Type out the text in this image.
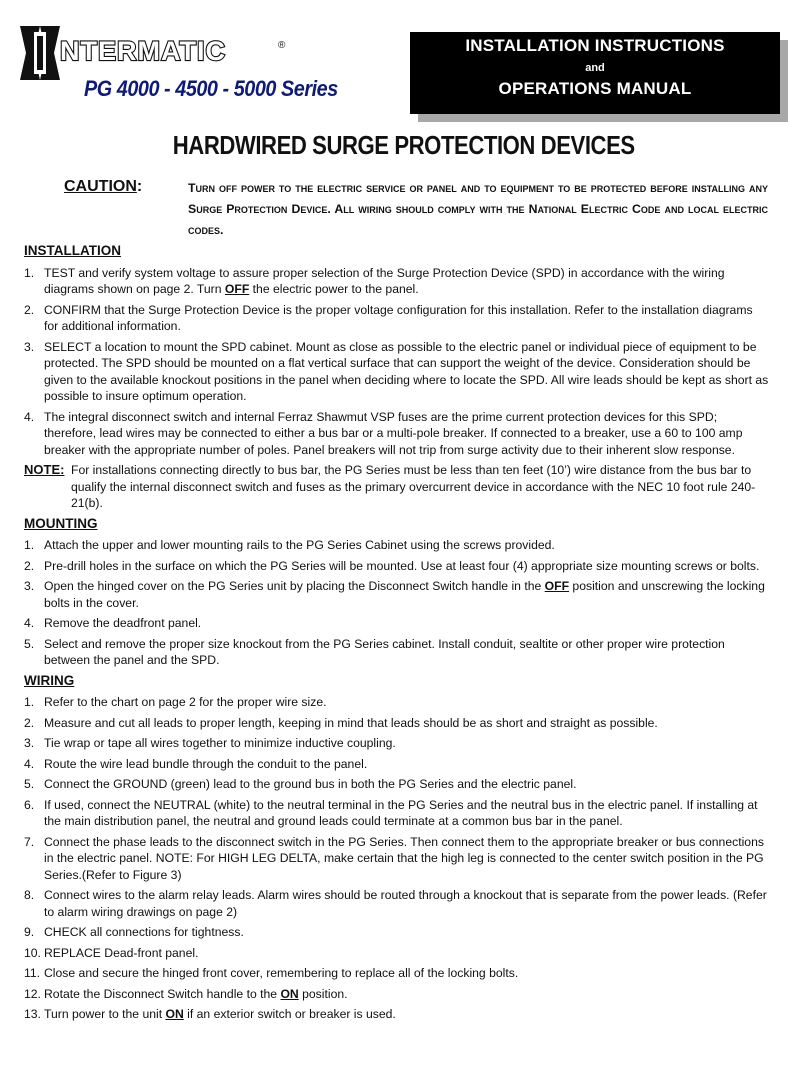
NTERMATIC	®
PG 4000 - 4500 - 5000 Series
INSTALLATION INSTRUCTIONS
and
OPERATIONS MANUAL
HARDWIRED SURGE PROTECTION DEVICES
CAUTION:	Turn off power to the electric service or panel and to equipment to be protected before installing any Surge Protection Device. All wiring should comply with the National Electric Code and local electric codes.
INSTALLATION
1. TEST and verify system voltage to assure proper selection of the Surge Protection Device (SPD) in accordance with the wiring diagrams shown on page 2. Turn OFF the electric power to the panel.
2. CONFIRM that the Surge Protection Device is the proper voltage configuration for this installation. Refer to the installation diagrams for additional information.
3. SELECT a location to mount the SPD cabinet. Mount as close as possible to the electric panel or individual piece of equipment to be protected. The SPD should be mounted on a flat vertical surface that can support the weight of the device. Consideration should be given to the available knockout positions in the panel when deciding where to locate the SPD. All wire leads should be kept as short as possible to insure optimum operation.
4. The integral disconnect switch and internal Ferraz Shawmut VSP fuses are the prime current protection devices for this SPD; therefore, lead wires may be connected to either a bus bar or a multi-pole breaker. If connected to a breaker, use a 60 to 100 amp breaker with the appropriate number of poles. Panel breakers will not trip from surge activity due to their inherent slow response.
NOTE: For installations connecting directly to bus bar, the PG Series must be less than ten feet (10’) wire distance from the bus bar to qualify the internal disconnect switch and fuses as the primary overcurrent device in accordance with the NEC 10 foot rule 240-21(b).
MOUNTING
1. Attach the upper and lower mounting rails to the PG Series Cabinet using the screws provided.
2. Pre-drill holes in the surface on which the PG Series will be mounted. Use at least four (4) appropriate size mounting screws or bolts.
3. Open the hinged cover on the PG Series unit by placing the Disconnect Switch handle in the OFF position and unscrewing the locking bolts in the cover.
4. Remove the deadfront panel.
5. Select and remove the proper size knockout from the PG Series cabinet. Install conduit, sealtite or other proper wire protection between the panel and the SPD.
WIRING
1. Refer to the chart on page 2 for the proper wire size.
2. Measure and cut all leads to proper length, keeping in mind that leads should be as short and straight as possible.
3. Tie wrap or tape all wires together to minimize inductive coupling.
4. Route the wire lead bundle through the conduit to the panel.
5. Connect the GROUND (green) lead to the ground bus in both the PG Series and the electric panel.
6. If used, connect the NEUTRAL (white) to the neutral terminal in the PG Series and the neutral bus in the electric panel. If installing at the main distribution panel, the neutral and ground leads could terminate at a common bus bar in the panel.
7. Connect the phase leads to the disconnect switch in the PG Series. Then connect them to the appropriate breaker or bus connections in the electric panel. NOTE: For HIGH LEG DELTA, make certain that the high leg is connected to the center switch position in the PG Series.(Refer to Figure 3)
8. Connect wires to the alarm relay leads. Alarm wires should be routed through a knockout that is separate from the power leads. (Refer to alarm wiring drawings on page 2)
9. CHECK all connections for tightness.
10. REPLACE Dead-front panel.
11. Close and secure the hinged front cover, remembering to replace all of the locking bolts.
12. Rotate the Disconnect Switch handle to the ON position.
13. Turn power to the unit ON if an exterior switch or breaker is used.
